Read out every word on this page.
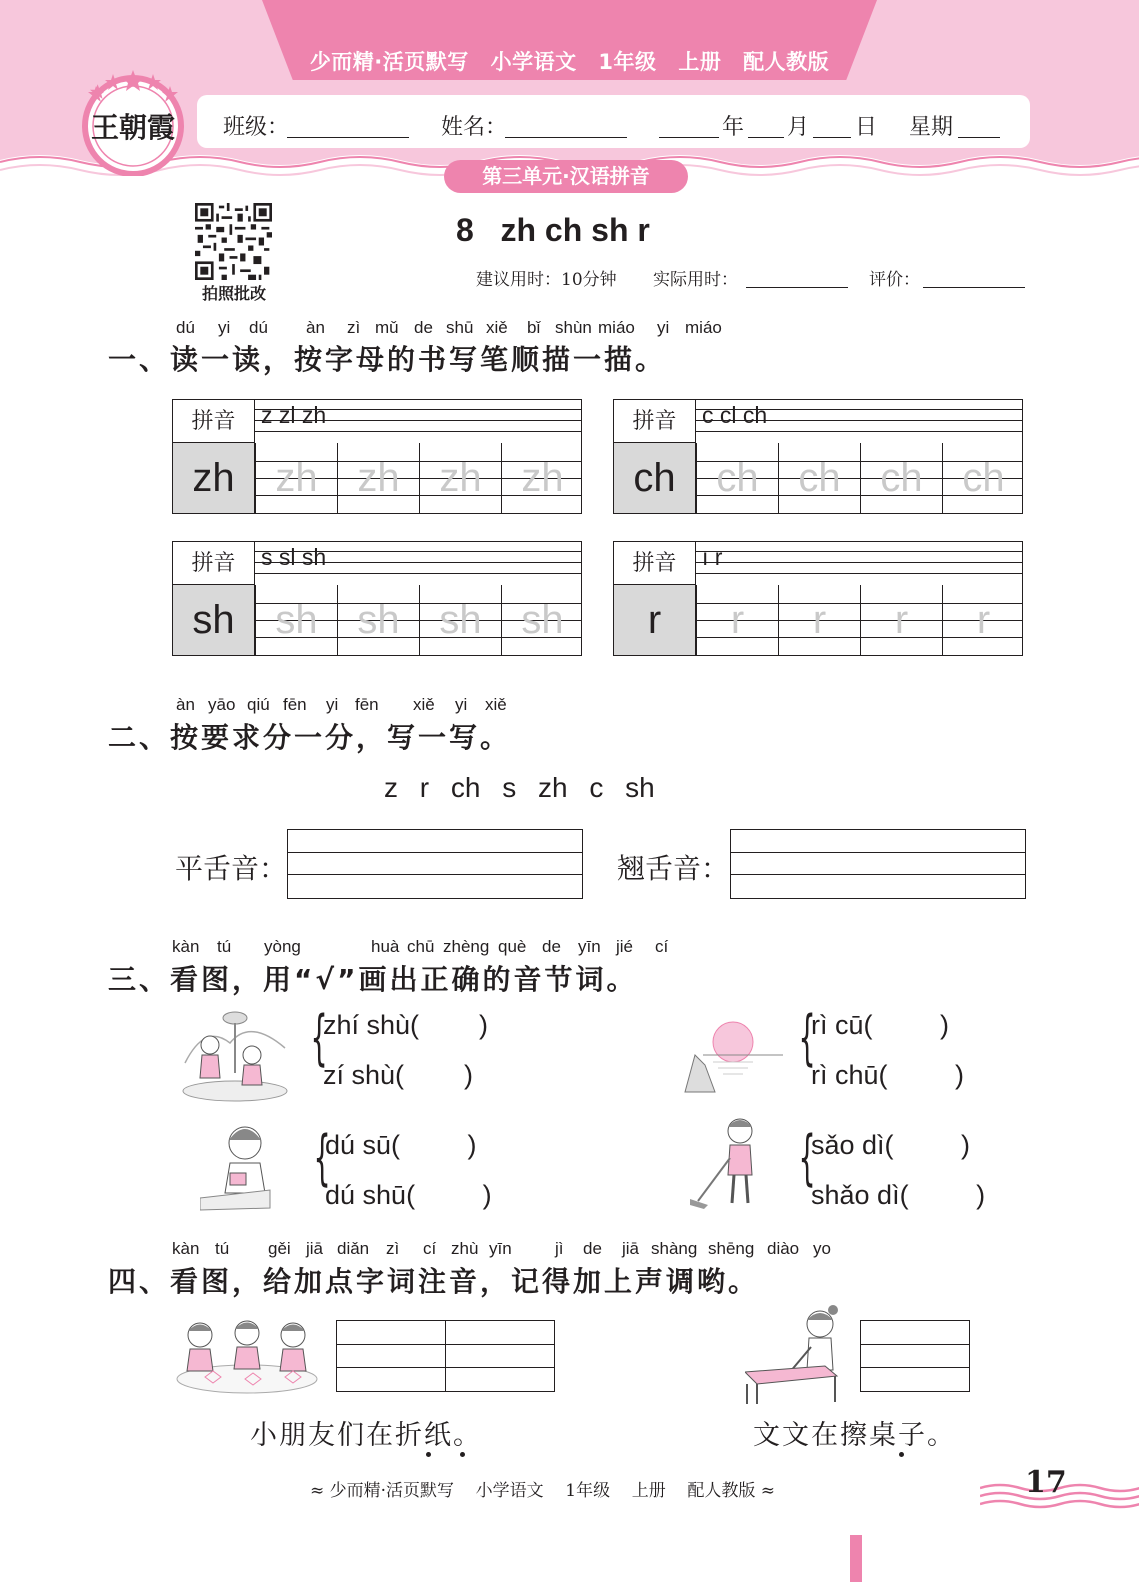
少而精·活页默写 小学语文 1年级 上册 配人教版
王朝霞 班级：	姓名：	年 月 日 星期
第三单元·汉语拼音
拍照批改
8 zh ch sh r
建议用时：10分钟 实际用时：	评价：
dú yi dú àn zì mǔ de shū xiě bǐ shùn miáo yi miáo
一、读一读，按字母的书写笔顺描一描。
拼音	z zl zh
zh	zh zh zh zh
拼音	c cl ch
ch	ch ch ch ch
拼音	s sl sh
sh	sh sh sh sh
拼音	ı r
r	r	r	r	r
àn yāo qiú fēn yi fēn xiě yi xiě
二、按要求分一分，写一写。
z r ch s zh c sh
平舌音：	翘舌音：
kàn tú yòng	huà chū zhèng què de yīn jié cí
三、看图，用“√”画出正确的音节词。
{
zhí shù(        )
zí shù(        )
{
rì cū(         )
rì chū(         )
{
dú sū(         )
dú shū(         )
{
sǎo dì(         )
shǎo dì(         )
kàn tú gěi jiā diǎn zì cí zhù yīn	jì de jiā shàng shēng diào yo
四、看图，给加点字词注音，记得加上声调哟。
小朋友们在折纸。	文文在擦桌子。
≈ 少而精·活页默写    小学语文    1年级    上册    配人教版 ≈	17
